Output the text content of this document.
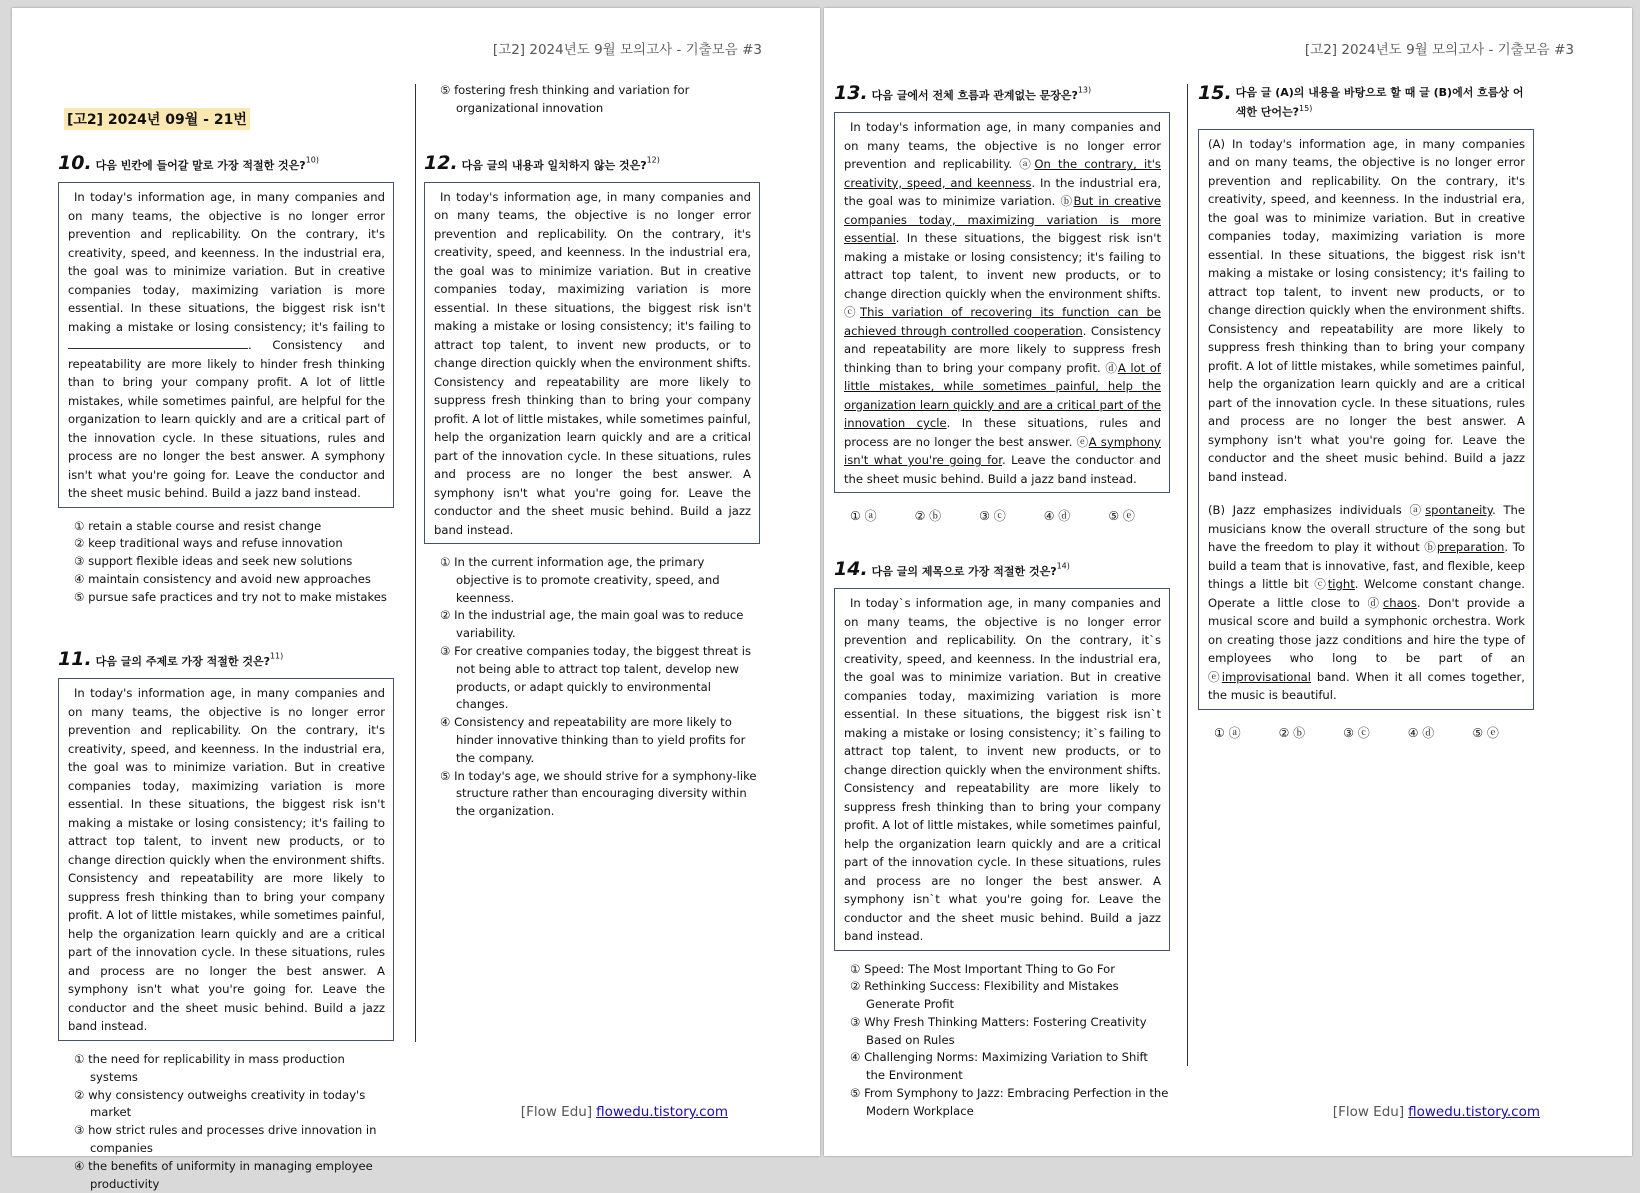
[고2] 2024년도 9월 모의고사 - 기출모음 #3
[고2] 2024년 09월 - 21번
10. 다음 빈칸에 들어갈 말로 가장 적절한 것은?$^{10)}$

In today's information age, in many companies and on many teams, the objective is no longer error prevention and replicability. On the contrary, it's creativity, speed, and keenness. In the industrial era, the goal was to minimize variation. But in creative companies today, maximizing variation is more essential. In these situations, the biggest risk isn't making a mistake or losing consistency; it's failing to . Consistency and repeatability are more likely to hinder fresh thinking than to bring your company profit. A lot of little mistakes, while sometimes painful, are helpful for the organization to learn quickly and are a critical part of the innovation cycle. In these situations, rules and process are no longer the best answer. A symphony isn't what you're going for. Leave the conductor and the sheet music behind. Build a jazz band instead.

① retain a stable course and resist change
② keep traditional ways and refuse innovation
③ support flexible ideas and seek new solutions
④ maintain consistency and avoid new approaches
⑤ pursue safe practices and try not to make mistakes
11. 다음 글의 주제로 가장 적절한 것은?$^{11)}$

In today's information age, in many companies and on many teams, the objective is no longer error prevention and replicability. On the contrary, it's creativity, speed, and keenness. In the industrial era, the goal was to minimize variation. But in creative companies today, maximizing variation is more essential. In these situations, the biggest risk isn't making a mistake or losing consistency; it's failing to attract top talent, to invent new products, or to change direction quickly when the environment shifts. Consistency and repeatability are more likely to suppress fresh thinking than to bring your company profit. A lot of little mistakes, while sometimes painful, help the organization learn quickly and are a critical part of the innovation cycle. In these situations, rules and process are no longer the best answer. A symphony isn't what you're going for. Leave the conductor and the sheet music behind. Build a jazz band instead.

① the need for replicability in mass production systems
② why consistency outweighs creativity in today's market
③ how strict rules and processes drive innovation in companies
④ the benefits of uniformity in managing employee productivity
⑤ fostering fresh thinking and variation for organizational innovation
12. 다음 글의 내용과 일치하지 않는 것은?$^{12)}$

In today's information age, in many companies and on many teams, the objective is no longer error prevention and replicability. On the contrary, it's creativity, speed, and keenness. In the industrial era, the goal was to minimize variation. But in creative companies today, maximizing variation is more essential. In these situations, the biggest risk isn't making a mistake or losing consistency; it's failing to attract top talent, to invent new products, or to change direction quickly when the environment shifts. Consistency and repeatability are more likely to suppress fresh thinking than to bring your company profit. A lot of little mistakes, while sometimes painful, help the organization learn quickly and are a critical part of the innovation cycle. In these situations, rules and process are no longer the best answer. A symphony isn't what you're going for. Leave the conductor and the sheet music behind. Build a jazz band instead.

① In the current information age, the primary objective is to promote creativity, speed, and keenness.
② In the industrial age, the main goal was to reduce variability.
③ For creative companies today, the biggest threat is not being able to attract top talent, develop new products, or adapt quickly to environmental changes.
④ Consistency and repeatability are more likely to hinder innovative thinking than to yield profits for the company.
⑤ In today's age, we should strive for a symphony-like structure rather than encouraging diversity within the organization.
[Flow Edu] flowedu.tistory.com
[고2] 2024년도 9월 모의고사 - 기출모음 #3
13. 다음 글에서 전체 흐름과 관계없는 문장은?$^{13)}$

In today's information age, in many companies and on many teams, the objective is no longer error prevention and replicability. ⓐOn the contrary, it's creativity, speed, and keenness. In the industrial era, the goal was to minimize variation. ⓑBut in creative companies today, maximizing variation is more essential. In these situations, the biggest risk isn't making a mistake or losing consistency; it's failing to attract top talent, to invent new products, or to change direction quickly when the environment shifts. ⓒThis variation of recovering its function can be achieved through controlled cooperation. Consistency and repeatability are more likely to suppress fresh thinking than to bring your company profit. ⓓA lot of little mistakes, while sometimes painful, help the organization learn quickly and are a critical part of the innovation cycle. In these situations, rules and process are no longer the best answer. ⓔA symphony isn't what you're going for. Leave the conductor and the sheet music behind. Build a jazz band instead.

① ⓐ	② ⓑ	③ ⓒ	④ ⓓ	⑤ ⓔ
14. 다음 글의 제목으로 가장 적절한 것은?$^{14)}$

In today`s information age, in many companies and on many teams, the objective is no longer error prevention and replicability. On the contrary, it`s creativity, speed, and keenness. In the industrial era, the goal was to minimize variation. But in creative companies today, maximizing variation is more essential. In these situations, the biggest risk isn`t making a mistake or losing consistency; it`s failing to attract top talent, to invent new products, or to change direction quickly when the environment shifts. Consistency and repeatability are more likely to suppress fresh thinking than to bring your company profit. A lot of little mistakes, while sometimes painful, help the organization learn quickly and are a critical part of the innovation cycle. In these situations, rules and process are no longer the best answer. A symphony isn`t what you're going for. Leave the conductor and the sheet music behind. Build a jazz band instead.

① Speed: The Most Important Thing to Go For
② Rethinking Success: Flexibility and Mistakes Generate Profit
③ Why Fresh Thinking Matters: Fostering Creativity Based on Rules
④ Challenging Norms: Maximizing Variation to Shift the Environment
⑤ From Symphony to Jazz: Embracing Perfection in the Modern Workplace
15. 다음 글 (A)의 내용을 바탕으로 할 때 글 (B)에서 흐름상 어색한 단어는?$^{15)}$

(A) In today's information age, in many companies and on many teams, the objective is no longer error prevention and replicability. On the contrary, it's creativity, speed, and keenness. In the industrial era, the goal was to minimize variation. But in creative companies today, maximizing variation is more essential. In these situations, the biggest risk isn't making a mistake or losing consistency; it's failing to attract top talent, to invent new products, or to change direction quickly when the environment shifts. Consistency and repeatability are more likely to suppress fresh thinking than to bring your company profit. A lot of little mistakes, while sometimes painful, help the organization learn quickly and are a critical part of the innovation cycle. In these situations, rules and process are no longer the best answer. A symphony isn't what you're going for. Leave the conductor and the sheet music behind. Build a jazz band instead.

(B) Jazz emphasizes individuals ⓐspontaneity. The musicians know the overall structure of the song but have the freedom to play it without ⓑpreparation. To build a team that is innovative, fast, and flexible, keep things a little bit ⓒtight. Welcome constant change. Operate a little close to ⓓchaos. Don't provide a musical score and build a symphonic orchestra. Work on creating those jazz conditions and hire the type of employees who long to be part of an ⓔimprovisational band. When it all comes together, the music is beautiful.

① ⓐ	② ⓑ	③ ⓒ	④ ⓓ	⑤ ⓔ
[Flow Edu] flowedu.tistory.com
